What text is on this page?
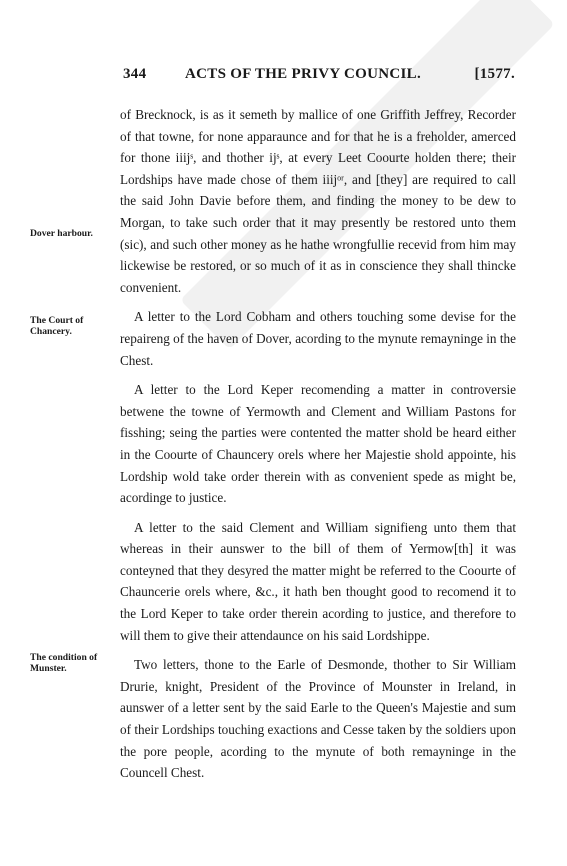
344	ACTS OF THE PRIVY COUNCIL.	[1577.
Dover harbour.
The Court of Chancery.
The condition of Munster.

of Brecknock, is as it semeth by mallice of one Griffith Jeffrey, Recorder of that towne, for none apparaunce and for that he is a freholder, amerced for thone iiijˢ, and thother ijˢ, at every Leet Coourte holden there; their Lordships have made chose of them iiijᵒʳ, and [they] are required to call the said John Davie before them, and finding the money to be dew to Morgan, to take such order that it may presently be restored unto them (sic), and such other money as he hathe wrongfullie recevid from him may lickewise be restored, or so much of it as in conscience they shall thincke convenient.

A letter to the Lord Cobham and others touching some devise for the repaireng of the haven of Dover, acording to the mynute remayninge in the Chest.

A letter to the Lord Keper recomending a matter in controversie betwene the towne of Yermowth and Clement and William Pastons for fisshing; seing the parties were contented the matter shold be heard either in the Coourte of Chauncery orels where her Majestie shold appointe, his Lordship wold take order therein with as convenient spede as might be, acordinge to justice.

A letter to the said Clement and William signifieng unto them that whereas in their aunswer to the bill of them of Yermow[th] it was conteyned that they desyred the matter might be referred to the Coourte of Chauncerie orels where, &c., it hath ben thought good to recomend it to the Lord Keper to take order therein acording to justice, and therefore to will them to give their attendaunce on his said Lordshippe.

Two letters, thone to the Earle of Desmonde, thother to Sir William Drurie, knight, President of the Province of Mounster in Ireland, in aunswer of a letter sent by the said Earle to the Queen's Majestie and sum of their Lordships touching exactions and Cesse taken by the soldiers upon the pore people, acording to the mynute of both remayninge in the Councell Chest.
